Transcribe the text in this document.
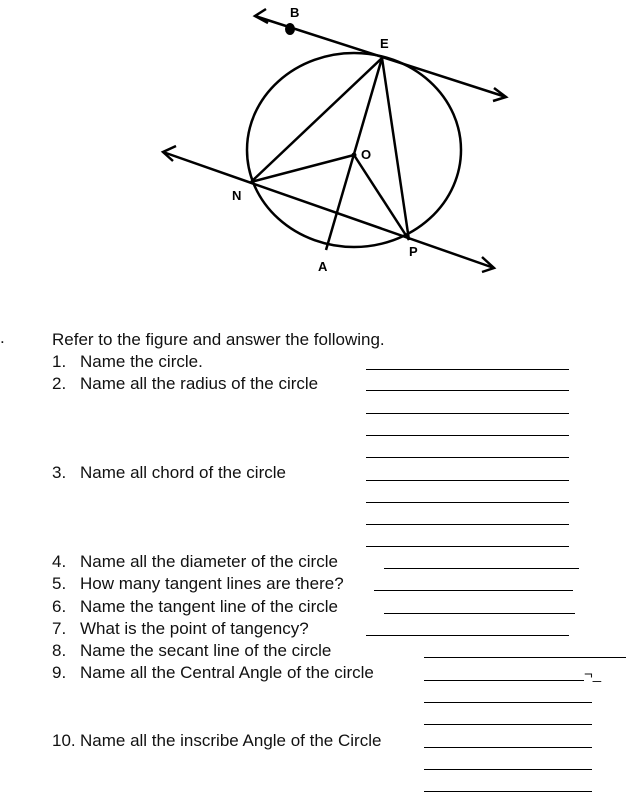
B
E
O
N
A
P
.	Refer to the figure and answer the following.
1. Name the circle.
2. Name all the radius of the circle
3. Name all chord of the circle
4. Name all the diameter of the circle
5. How many tangent lines are there?
6. Name the tangent line of the circle
7. What is the point of tangency?
8. Name the secant line of the circle
9. Name all the Central Angle of the circle	¬_
10. Name all the inscribe Angle of the Circle
